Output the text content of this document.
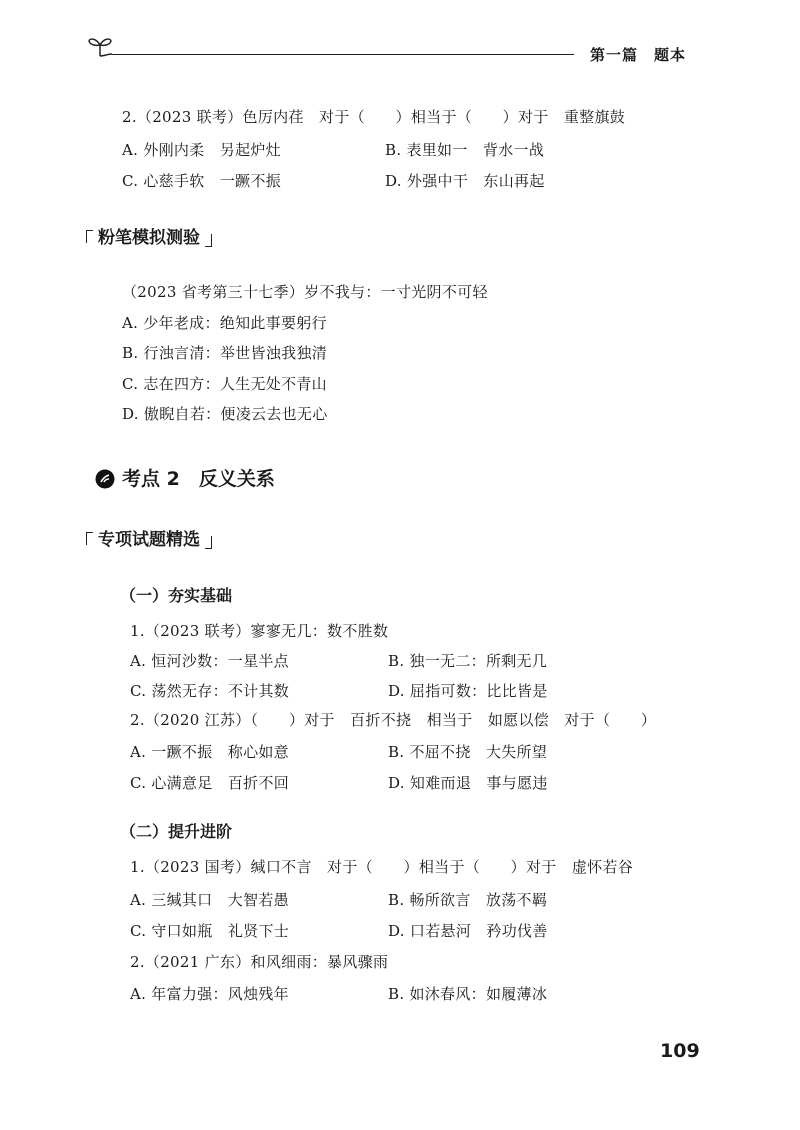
第一篇　题本
2.（2023 联考）色厉内荏　对于（　　）相当于（　　）对于　重整旗鼓
A. 外刚内柔　另起炉灶	B. 表里如一　背水一战
C. 心慈手软　一蹶不振	D. 外强中干　东山再起
粉笔模拟测验
（2023 省考第三十七季）岁不我与：一寸光阴不可轻
A. 少年老成：绝知此事要躬行
B. 行浊言清：举世皆浊我独清
C. 志在四方：人生无处不青山
D. 傲睨自若：便凌云去也无心
考点 2　反义关系
专项试题精选
（一）夯实基础
1.（2023 联考）寥寥无几：数不胜数
A. 恒河沙数：一星半点	B. 独一无二：所剩无几
C. 荡然无存：不计其数	D. 屈指可数：比比皆是
2.（2020 江苏）（　　）对于　百折不挠　相当于　如愿以偿　对于（　　）
A. 一蹶不振　称心如意	B. 不屈不挠　大失所望
C. 心满意足　百折不回	D. 知难而退　事与愿违
（二）提升进阶
1.（2023 国考）缄口不言　对于（　　）相当于（　　）对于　虚怀若谷
A. 三缄其口　大智若愚	B. 畅所欲言　放荡不羁
C. 守口如瓶　礼贤下士	D. 口若悬河　矜功伐善
2.（2021 广东）和风细雨：暴风骤雨
A. 年富力强：风烛残年	B. 如沐春风：如履薄冰
109
